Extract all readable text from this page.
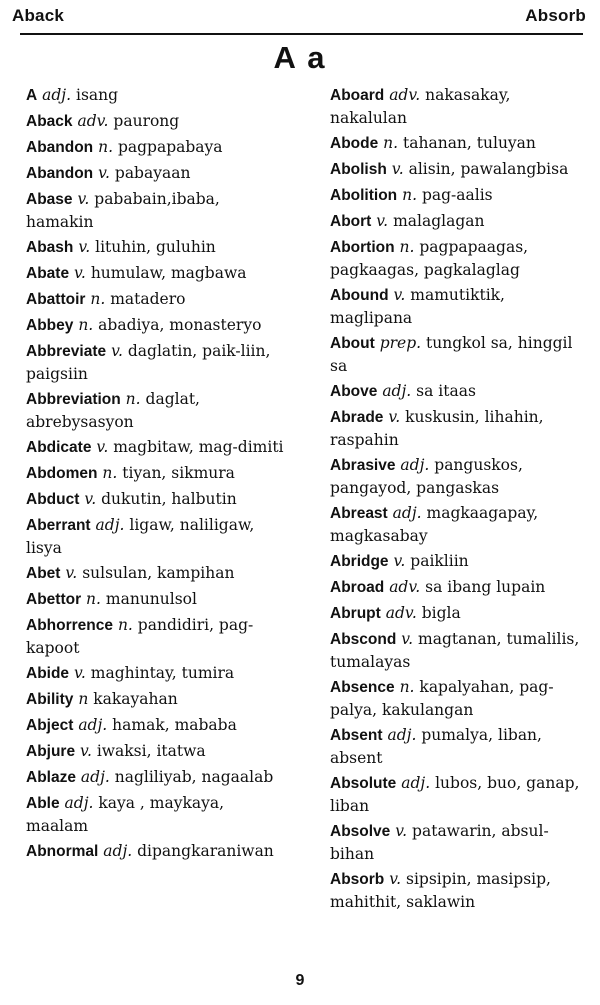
Aback	Absorb
A a
A adj. isang
Aback adv. paurong
Abandon n. pagpapabaya
Abandon v. pabayaan
Abase v. pababain,ibaba, hamakin
Abash v. lituhin, guluhin
Abate v. humulaw, magbawa
Abattoir n. matadero
Abbey n. abadiya, monasteryo
Abbreviate v. daglatin, paik-liin, paigsiin
Abbreviation n. daglat, abrebysasyon
Abdicate v. magbitaw, mag-dimiti
Abdomen n. tiyan, sikmura
Abduct v. dukutin, halbutin
Aberrant adj. ligaw, naliligaw, lisya
Abet v. sulsulan, kampihan
Abettor n. manunulsol
Abhorrence n. pandidiri, pag-kapoot
Abide v. maghintay, tumira
Ability n kakayahan
Abject adj. hamak, mababa
Abjure v. iwaksi, itatwa
Ablaze adj. nagliliyab, nagaalab
Able adj. kaya , maykaya, maalam
Abnormal adj. dipangkaraniwan
Aboard adv. nakasakay, nakalulan
Abode n. tahanan, tuluyan
Abolish v. alisin, pawalangbisa
Abolition n. pag-aalis
Abort v. malaglagan
Abortion n. pagpapaagas, pagkaagas, pagkalaglag
Abound v. mamutiktik, maglipana
About prep. tungkol sa, hinggil sa
Above adj. sa itaas
Abrade v. kuskusin, lihahin, raspahin
Abrasive adj. panguskos, pangayod, pangaskas
Abreast adj. magkaagapay, magkasabay
Abridge v. paikliin
Abroad adv. sa ibang lupain
Abrupt adv. bigla
Abscond v. magtanan, tumalilis, tumalayas
Absence n. kapalyahan, pag-palya, kakulangan
Absent adj. pumalya, liban, absent
Absolute adj. lubos, buo, ganap, liban
Absolve v. patawarin, absul-bihan
Absorb v. sipsipin, masipsip, mahithit, saklawin
9
